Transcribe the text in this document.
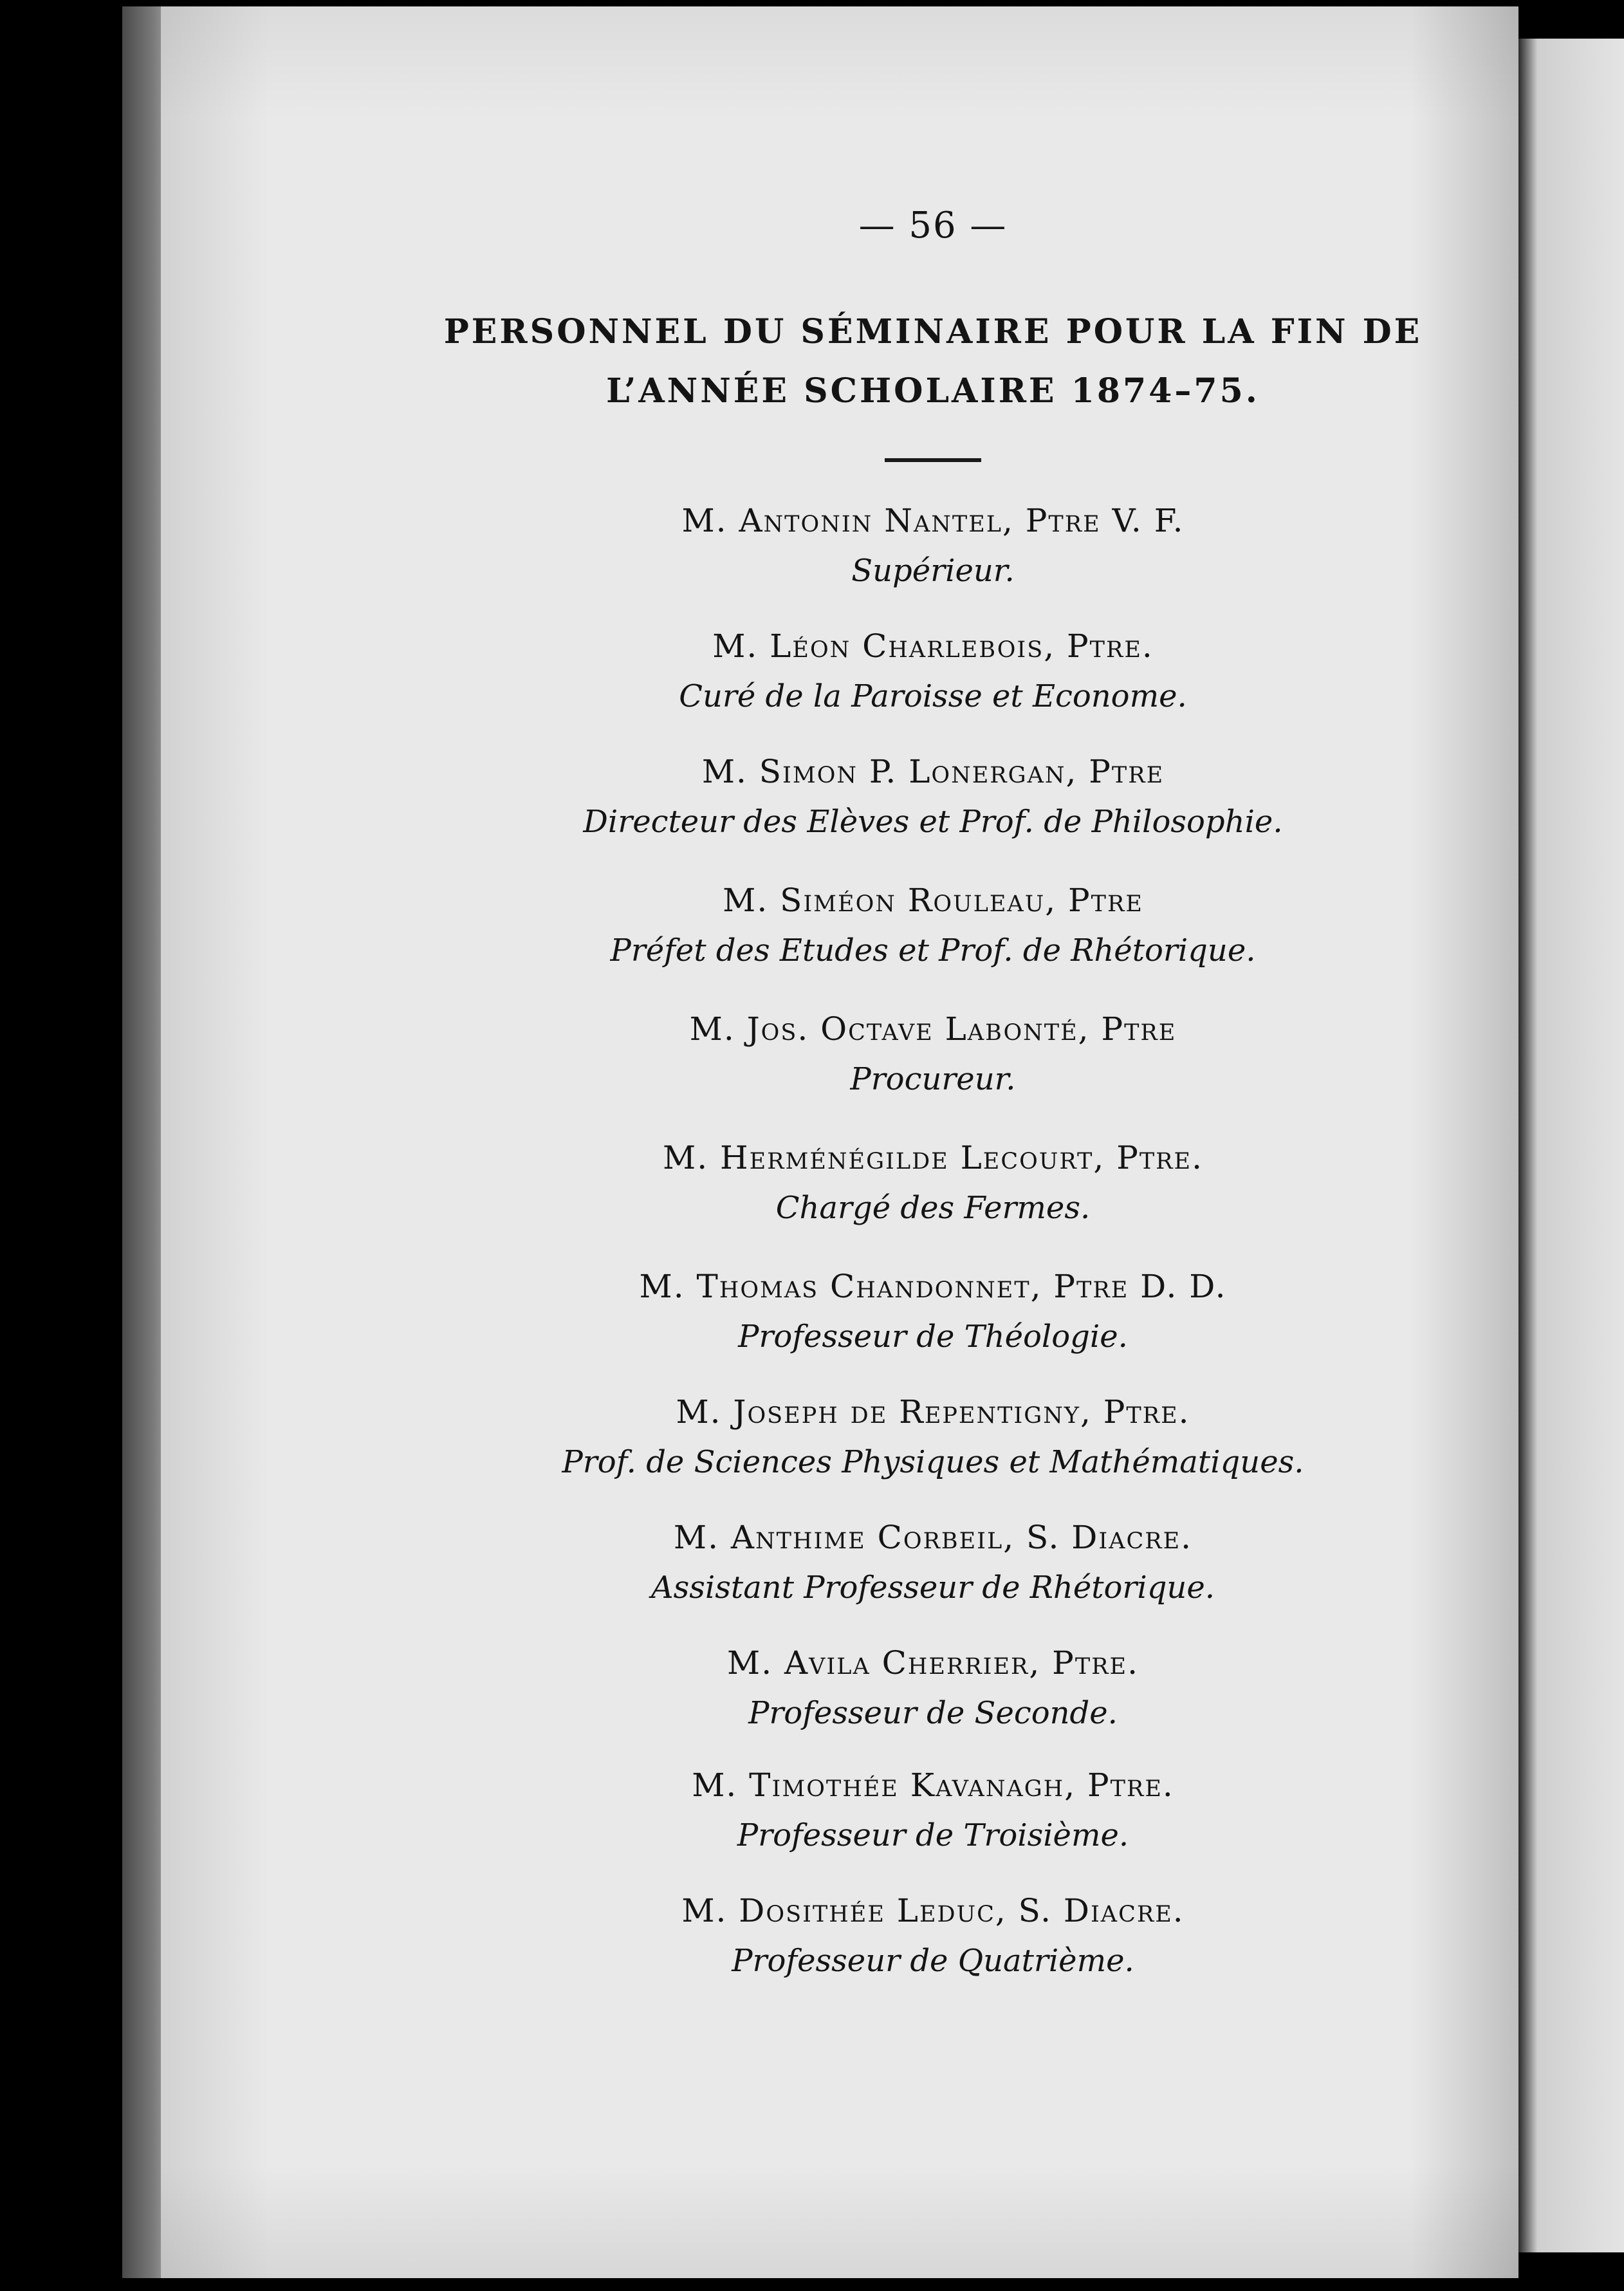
— 56 —
PERSONNEL DU SÉMINAIRE POUR LA FIN DE
L’ANNÉE SCHOLAIRE 1874–75.
M. Antonin Nantel, Ptre V. F.
Supérieur.
M. Léon Charlebois, Ptre.
Curé de la Paroisse et Econome.
M. Simon P. Lonergan, Ptre
Directeur des Elèves et Prof. de Philosophie.
M. Siméon Rouleau, Ptre
Préfet des Etudes et Prof. de Rhétorique.
M. Jos. Octave Labonté, Ptre
Procureur.
M. Herménégilde Lecourt, Ptre.
Chargé des Fermes.
M. Thomas Chandonnet, Ptre D. D.
Professeur de Théologie.
M. Joseph de Repentigny, Ptre.
Prof. de Sciences Physiques et Mathématiques.
M. Anthime Corbeil, S. Diacre.
Assistant Professeur de Rhétorique.
M. Avila Cherrier, Ptre.
Professeur de Seconde.
M. Timothée Kavanagh, Ptre.
Professeur de Troisième.
M. Dosithée Leduc, S. Diacre.
Professeur de Quatrième.
